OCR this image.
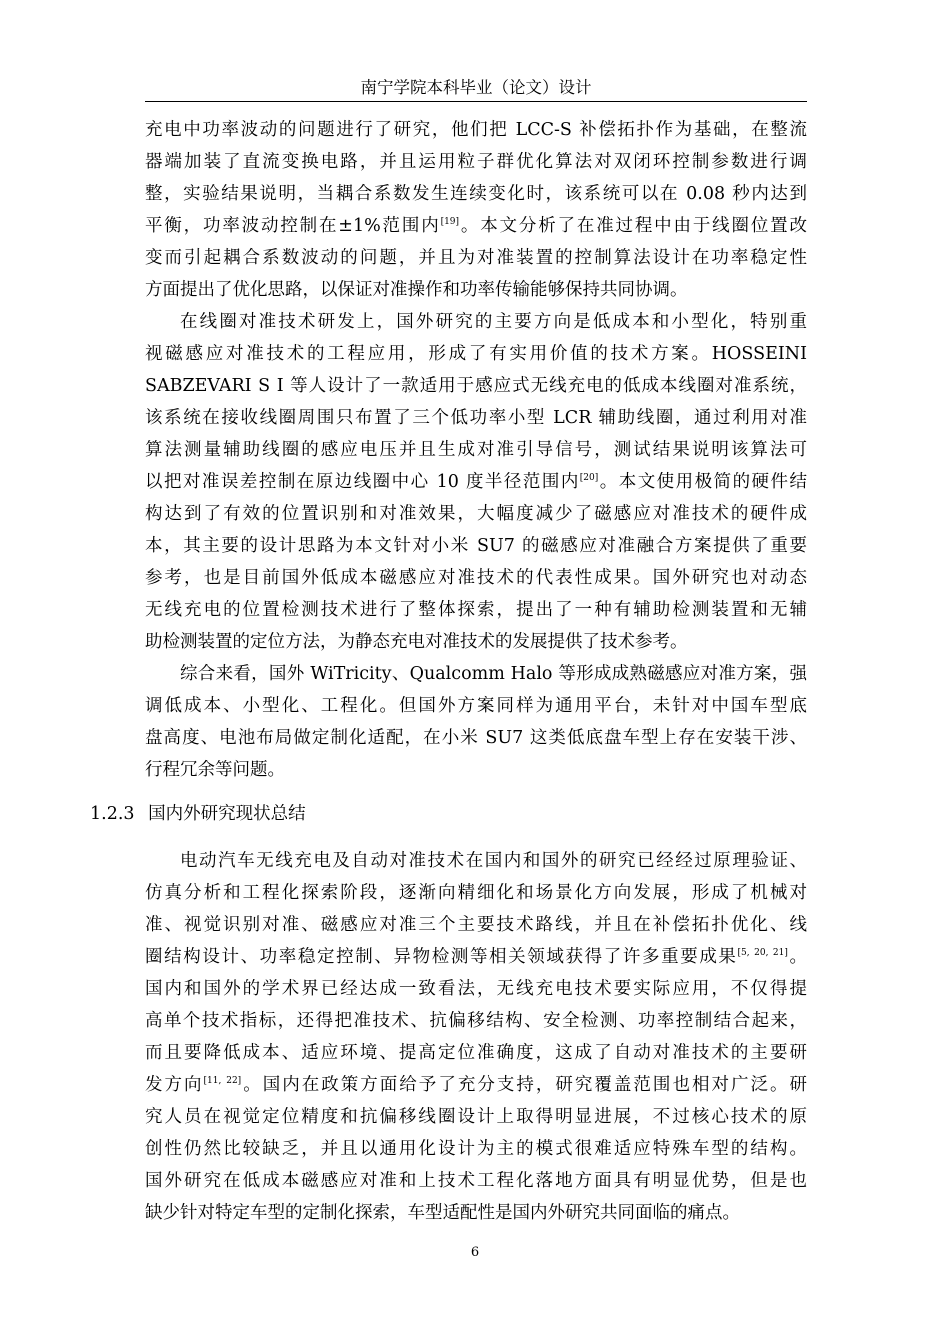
南宁学院本科毕业（论文）设计
充电中功率波动的问题进行了研究，他们把 LCC-S 补偿拓扑作为基础，在整流
器端加装了直流变换电路，并且运用粒子群优化算法对双闭环控制参数进行调
整，实验结果说明，当耦合系数发生连续变化时，该系统可以在 0.08 秒内达到
平衡，功率波动控制在±1%范围内[19]。本文分析了在准过程中由于线圈位置改
变而引起耦合系数波动的问题，并且为对准装置的控制算法设计在功率稳定性
方面提出了优化思路，以保证对准操作和功率传输能够保持共同协调。
在线圈对准技术研发上，国外研究的主要方向是低成本和小型化，特别重
视磁感应对准技术的工程应用，形成了有实用价值的技术方案。HOSSEINI
SABZEVARI S I 等人设计了一款适用于感应式无线充电的低成本线圈对准系统，
该系统在接收线圈周围只布置了三个低功率小型 LCR 辅助线圈，通过利用对准
算法测量辅助线圈的感应电压并且生成对准引导信号，测试结果说明该算法可
以把对准误差控制在原边线圈中心 10 度半径范围内[20]。本文使用极简的硬件结
构达到了有效的位置识别和对准效果，大幅度减少了磁感应对准技术的硬件成
本，其主要的设计思路为本文针对小米 SU7 的磁感应对准融合方案提供了重要
参考，也是目前国外低成本磁感应对准技术的代表性成果。国外研究也对动态
无线充电的位置检测技术进行了整体探索，提出了一种有辅助检测装置和无辅
助检测装置的定位方法，为静态充电对准技术的发展提供了技术参考。
综合来看，国外 WiTricity、Qualcomm Halo 等形成成熟磁感应对准方案，强
调低成本、小型化、工程化。但国外方案同样为通用平台，未针对中国车型底
盘高度、电池布局做定制化适配，在小米 SU7 这类低底盘车型上存在安装干涉、
行程冗余等问题。
1.2.3 国内外研究现状总结
电动汽车无线充电及自动对准技术在国内和国外的研究已经经过原理验证、
仿真分析和工程化探索阶段，逐渐向精细化和场景化方向发展，形成了机械对
准、视觉识别对准、磁感应对准三个主要技术路线，并且在补偿拓扑优化、线
圈结构设计、功率稳定控制、异物检测等相关领域获得了许多重要成果[5, 20, 21]。
国内和国外的学术界已经达成一致看法，无线充电技术要实际应用，不仅得提
高单个技术指标，还得把准技术、抗偏移结构、安全检测、功率控制结合起来，
而且要降低成本、适应环境、提高定位准确度，这成了自动对准技术的主要研
发方向[11, 22]。国内在政策方面给予了充分支持，研究覆盖范围也相对广泛。研
究人员在视觉定位精度和抗偏移线圈设计上取得明显进展，不过核心技术的原
创性仍然比较缺乏，并且以通用化设计为主的模式很难适应特殊车型的结构。
国外研究在低成本磁感应对准和上技术工程化落地方面具有明显优势，但是也
缺少针对特定车型的定制化探索，车型适配性是国内外研究共同面临的痛点。
6
